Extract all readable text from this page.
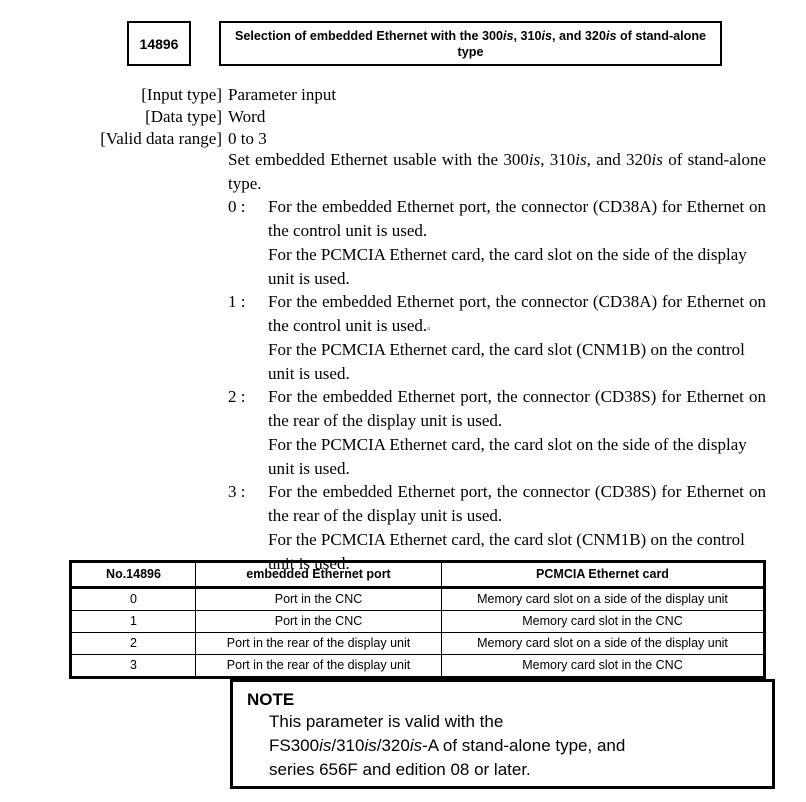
14896	Selection of embedded Ethernet with the 300is, 310is, and 320is of stand-alone type
[Input type] Parameter input
[Data type] Word
[Valid data range] 0 to 3

Set embedded Ethernet usable with the 300is, 310is, and 320is of stand-alone type.

0 :	For the embedded Ethernet port, the connector (CD38A) for Ethernet on the control unit is used.
For the PCMCIA Ethernet card, the card slot on the side of the display unit is used.
1 :	For the embedded Ethernet port, the connector (CD38A) for Ethernet on the control unit is used.。
For the PCMCIA Ethernet card, the card slot (CNM1B) on the control unit is used.
2 :	For the embedded Ethernet port, the connector (CD38S) for Ethernet on the rear of the display unit is used.
For the PCMCIA Ethernet card, the card slot on the side of the display unit is used.
3 :	For the embedded Ethernet port, the connector (CD38S) for Ethernet on the rear of the display unit is used.
For the PCMCIA Ethernet card, the card slot (CNM1B) on the control unit is used.
No.14896	embedded Ethernet port	PCMCIA Ethernet card
0	Port in the CNC	Memory card slot on a side of the display unit
1	Port in the CNC	Memory card slot in the CNC
2	Port in the rear of the display unit	Memory card slot on a side of the display unit
3	Port in the rear of the display unit	Memory card slot in the CNC
NOTE
This parameter is valid with the
FS300is/310is/320is-A of stand-alone type, and
series 656F and edition 08 or later.
